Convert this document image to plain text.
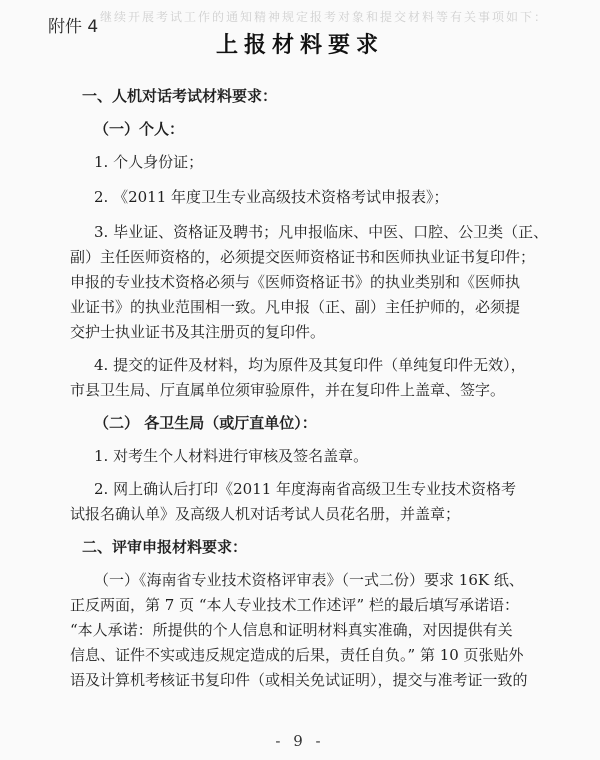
继续开展考试工作的通知精神规定报考对象和提交材料等有关事项如下：
附件 4
上报材料要求

一、人机对话考试材料要求：

（一）个人：

1. 个人身份证；

2. 《2011 年度卫生专业高级技术资格考试申报表》；

3. 毕业证、资格证及聘书；凡申报临床、中医、口腔、公卫类（正、

副）主任医师资格的，必须提交医师资格证书和医师执业证书复印件；

申报的专业技术资格必须与《医师资格证书》的执业类别和《医师执

业证书》的执业范围相一致。凡申报（正、副）主任护师的，必须提

交护士执业证书及其注册页的复印件。

4. 提交的证件及材料，均为原件及其复印件（单纯复印件无效），

市县卫生局、厅直属单位须审验原件，并在复印件上盖章、签字。

（二） 各卫生局（或厅直单位）：

1. 对考生个人材料进行审核及签名盖章。

2. 网上确认后打印《2011 年度海南省高级卫生专业技术资格考

试报名确认单》及高级人机对话考试人员花名册，并盖章；

二、评审申报材料要求：

（一）《海南省专业技术资格评审表》（一式二份）要求 16K 纸、

正反两面，第 7 页 “本人专业技术工作述评” 栏的最后填写承诺语：

“本人承诺：所提供的个人信息和证明材料真实准确，对因提供有关

信息、证件不实或违反规定造成的后果，责任自负。” 第 10 页张贴外

语及计算机考核证书复印件（或相关免试证明），提交与准考证一致的

- 9 -
